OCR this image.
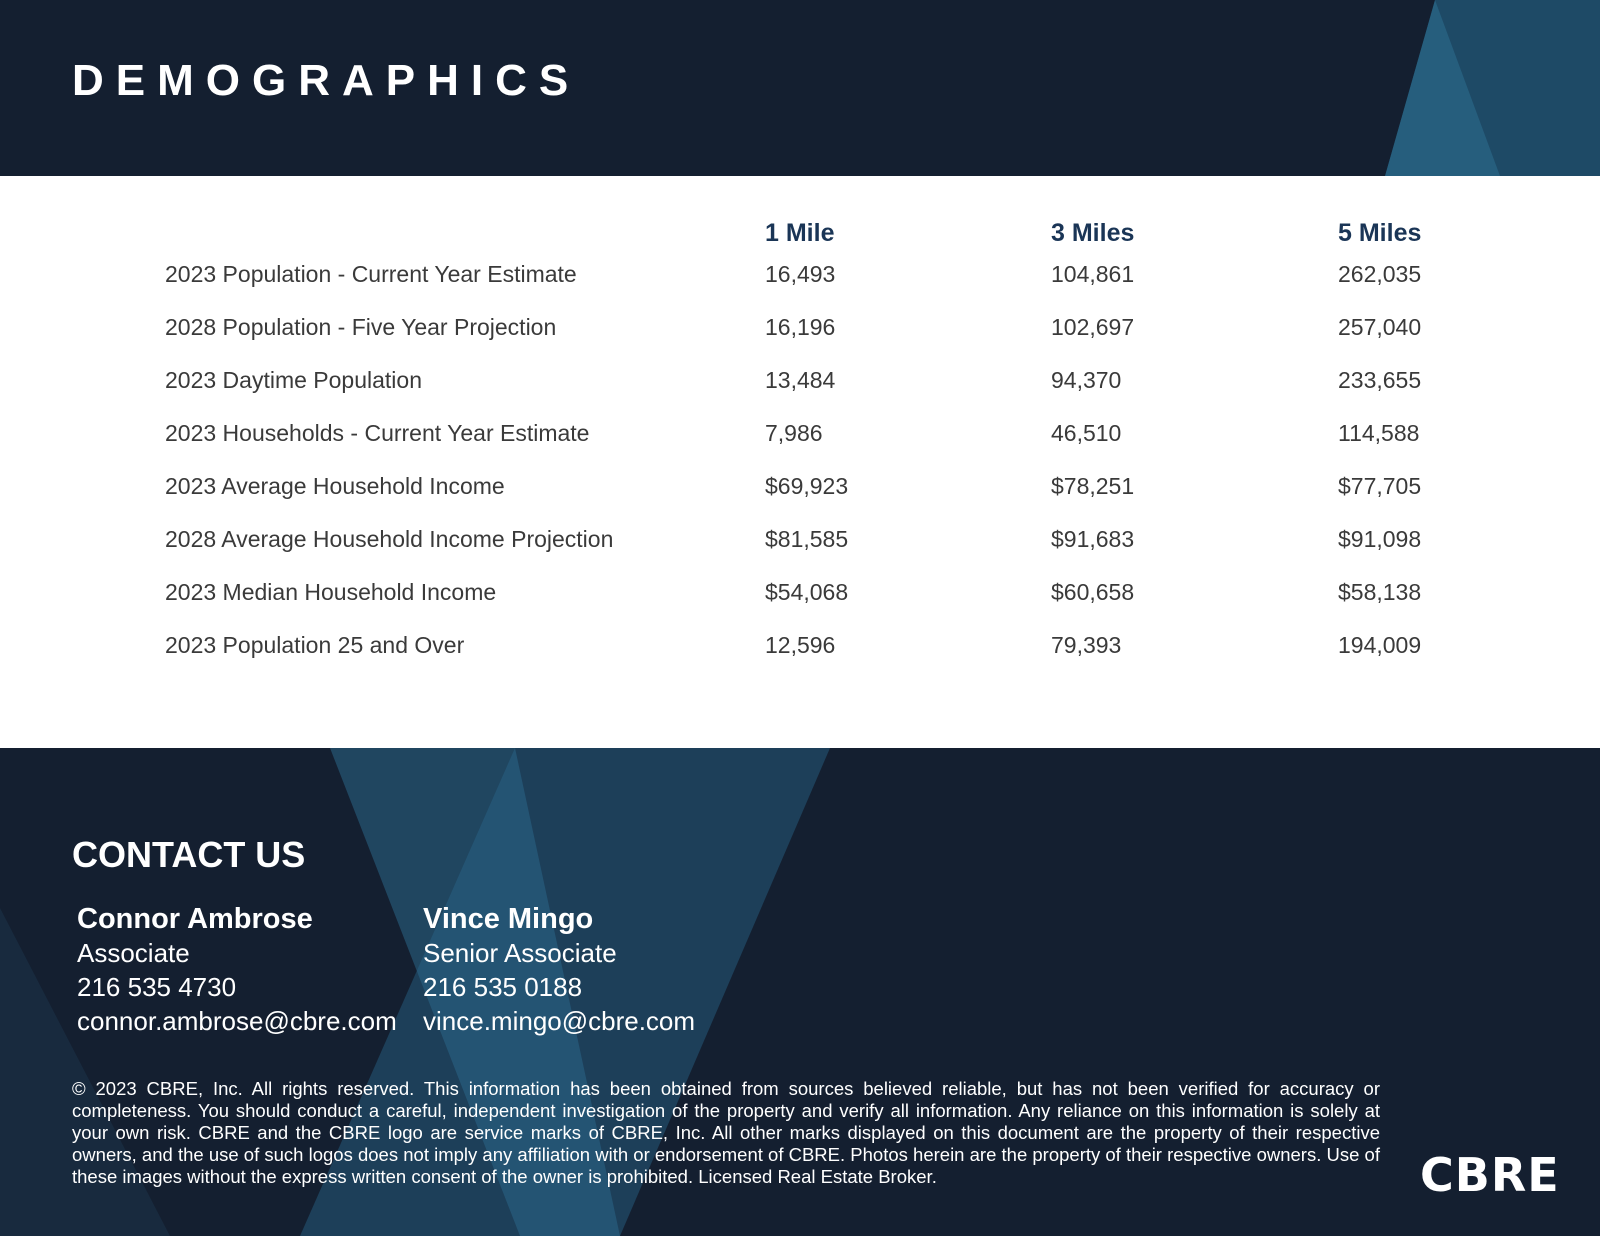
DEMOGRAPHICS
	1 Mile	3 Miles	5 Miles
2023 Population - Current Year Estimate	16,493	104,861	262,035
2028 Population - Five Year Projection	16,196	102,697	257,040
2023 Daytime Population	13,484	94,370	233,655
2023 Households - Current Year Estimate	7,986	46,510	114,588
2023 Average Household Income	$69,923	$78,251	$77,705
2028 Average Household Income Projection	$81,585	$91,683	$91,098
2023 Median Household Income	$54,068	$60,658	$58,138
2023 Population 25 and Over	12,596	79,393	194,009
CONTACT US
Connor Ambrose
Associate
216 535 4730
connor.ambrose@cbre.com
Vince Mingo
Senior Associate
216 535 0188
vince.mingo@cbre.com
© 2023 CBRE, Inc. All rights reserved. This information has been obtained from sources believed reliable, but has not been verified for accuracy or completeness. You should conduct a careful, independent investigation of the property and verify all information. Any reliance on this information is solely at your own risk. CBRE and the CBRE logo are service marks of CBRE, Inc. All other marks displayed on this document are the property of their respective owners, and the use of such logos does not imply any affiliation with or endorsement of CBRE. Photos herein are the property of their respective owners. Use of these images without the express written consent of the owner is prohibited. Licensed Real Estate Broker.	CBRE
